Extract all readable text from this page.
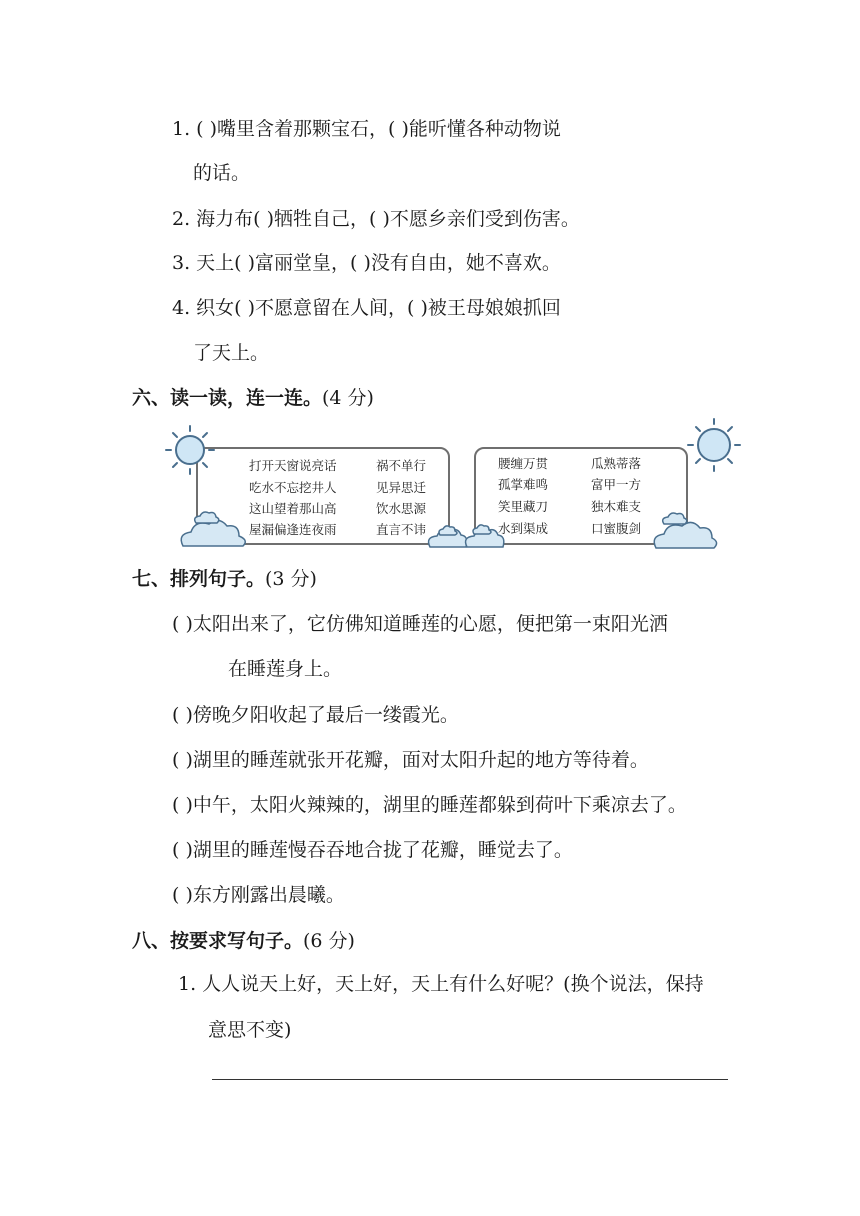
1. ( )嘴里含着那颗宝石，( )能听懂各种动物说
的话。
2. 海力布( )牺牲自己，( )不愿乡亲们受到伤害。
3. 天上( )富丽堂皇，( )没有自由，她不喜欢。
4. 织女( )不愿意留在人间，( )被王母娘娘抓回
了天上。
六、读一读，连一连。(4 分)
打开天窗说亮话
吃水不忘挖井人
这山望着那山高
屋漏偏逢连夜雨
祸不单行
见异思迁
饮水思源
直言不讳
腰缠万贯
孤掌难鸣
笑里藏刀
水到渠成
瓜熟蒂落
富甲一方
独木难支
口蜜腹剑
七、排列句子。(3 分)
( )太阳出来了，它仿佛知道睡莲的心愿，便把第一束阳光洒
在睡莲身上。
( )傍晚夕阳收起了最后一缕霞光。
( )湖里的睡莲就张开花瓣，面对太阳升起的地方等待着。
( )中午，太阳火辣辣的，湖里的睡莲都躲到荷叶下乘凉去了。
( )湖里的睡莲慢吞吞地合拢了花瓣，睡觉去了。
( )东方刚露出晨曦。
八、按要求写句子。(6 分)
1. 人人说天上好，天上好，天上有什么好呢？(换个说法，保持
意思不变)
